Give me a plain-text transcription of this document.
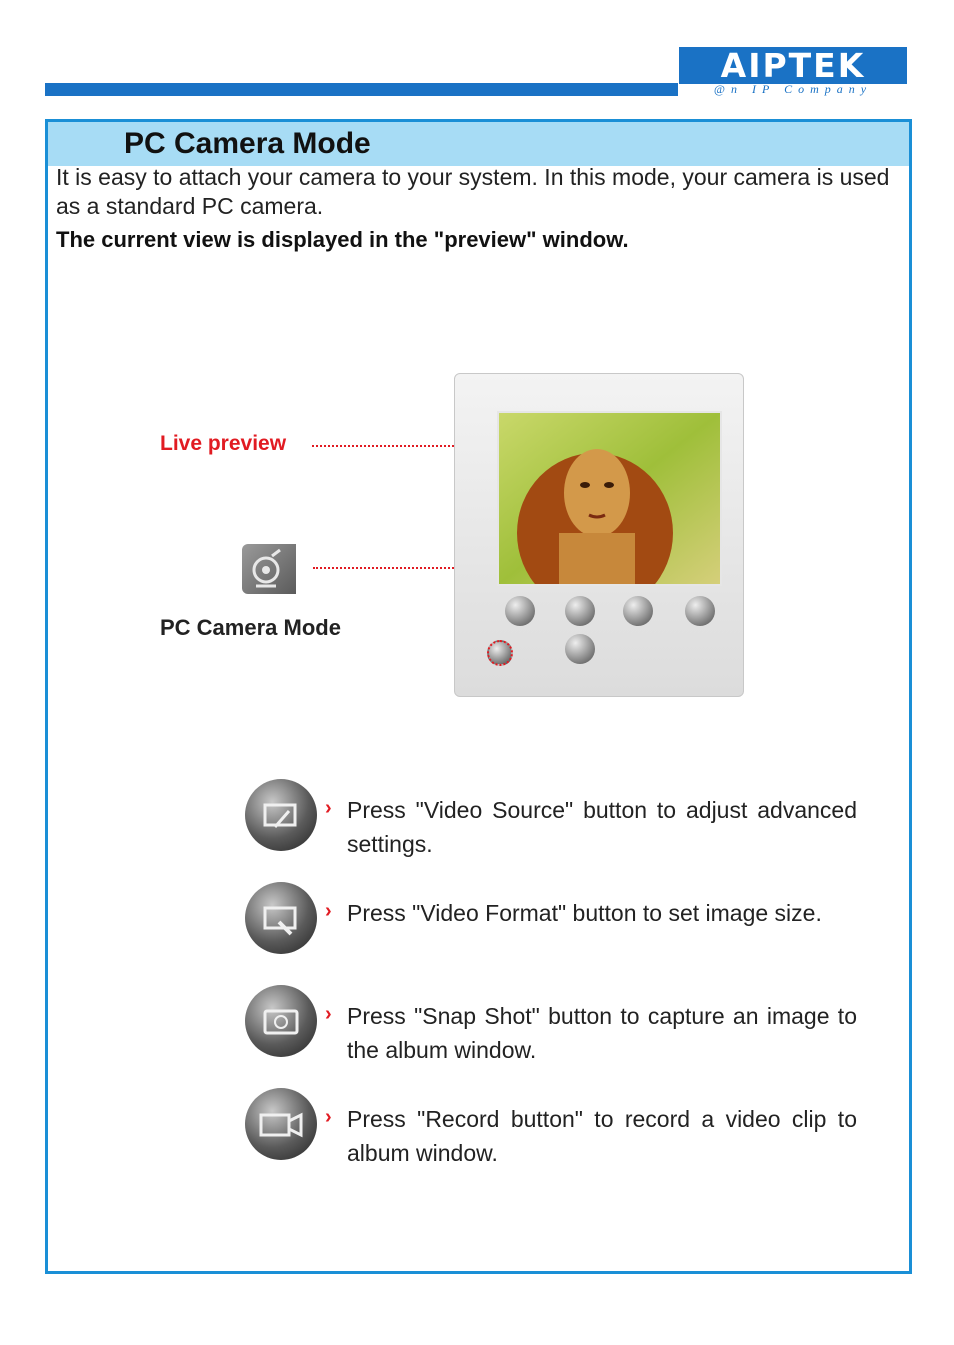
AIPTEK
@n IP Company
PC Camera Mode
It is easy to attach your camera to your system. In this mode, your camera is used as a standard PC camera.
The current view is displayed in the "preview" window.
Live preview
PC Camera Mode
› Press "Video Source" button to adjust advanced settings.
› Press "Video Format" button to set image size.
› Press "Snap Shot" button to capture an image to the album window.
› Press "Record button" to record a video clip to album window.
